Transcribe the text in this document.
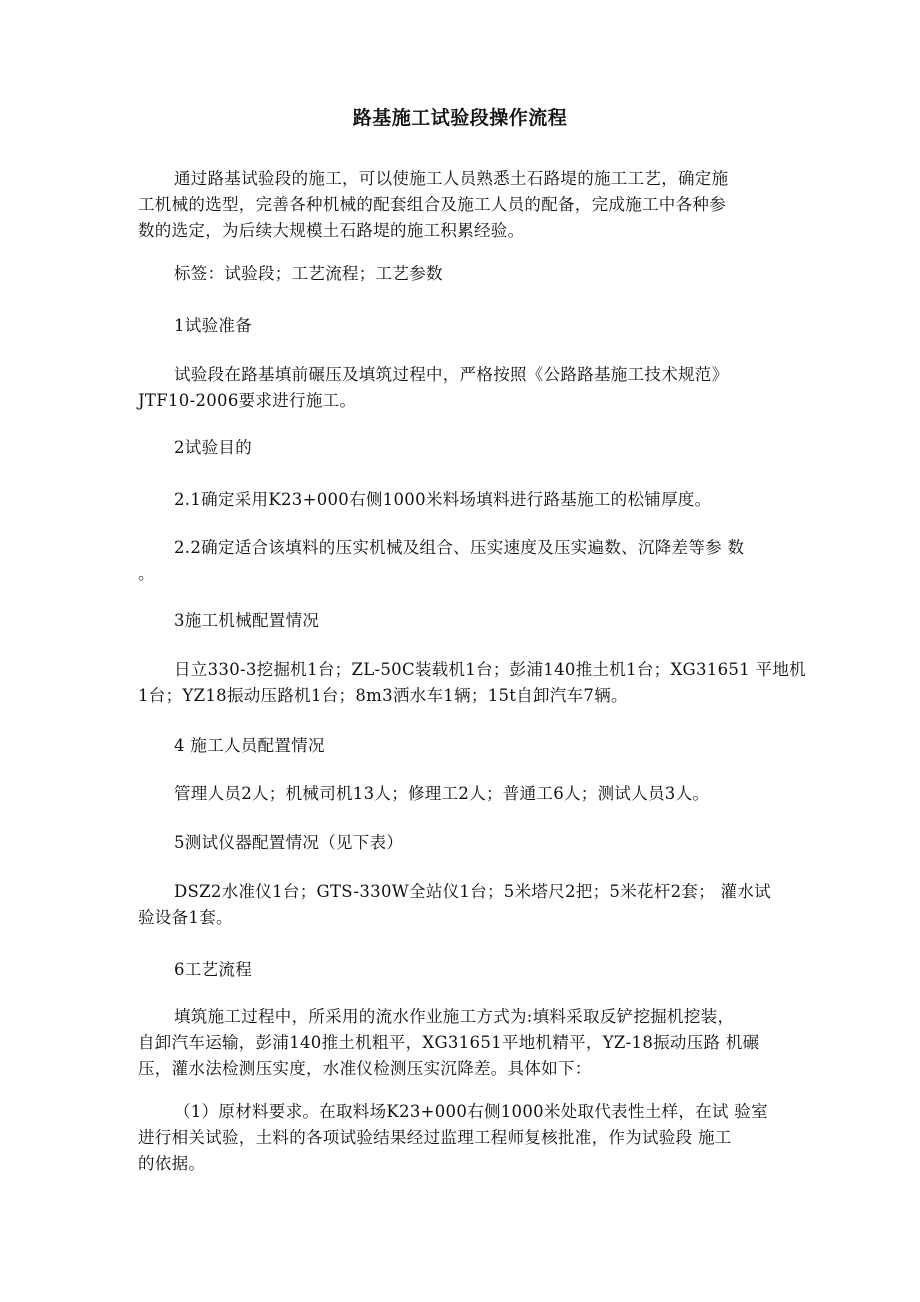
路基施工试验段操作流程
通过路基试验段的施工，可以使施工人员熟悉土石路堤的施工工艺，确定施
工机械的选型，完善各种机械的配套组合及施工人员的配备，完成施工中各种参
数的选定，为后续大规模土石路堤的施工积累经验。
标签：试验段；工艺流程；工艺参数
1试验准备
试验段在路基填前碾压及填筑过程中，严格按照《公路路基施工技术规范》
JTF10-2006要求进行施工。
2试验目的
2.1确定采用K23+000右侧1000米料场填料进行路基施工的松铺厚度。
2.2确定适合该填料的压实机械及组合、压实速度及压实遍数、沉降差等参 数
。
3施工机械配置情况
日立330-3挖掘机1台；ZL-50C装载机1台；彭浦140推土机1台；XG31651 平地机
1台；YZ18振动压路机1台；8m3洒水车1辆；15t自卸汽车7辆。
4 施工人员配置情况
管理人员2人；机械司机13人；修理工2人；普通工6人；测试人员3人。
5测试仪器配置情况（见下表）
DSZ2水准仪1台；GTS-330W全站仪1台；5米塔尺2把；5米花杆2套； 灌水试
验设备1套。
6工艺流程
填筑施工过程中，所采用的流水作业施工方式为:填料采取反铲挖掘机挖装，
自卸汽车运输，彭浦140推土机粗平，XG31651平地机精平，YZ-18振动压路 机碾
压，灌水法检测压实度，水准仪检测压实沉降差。具体如下：
（1）原材料要求。在取料场K23+000右侧1000米处取代表性土样，在试 验室
进行相关试验，土料的各项试验结果经过监理工程师复核批准，作为试验段 施工
的依据。
